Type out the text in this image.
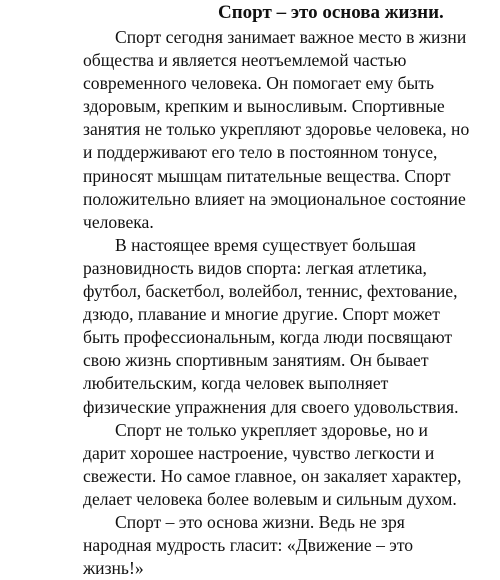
Спорт – это основа жизни.
Спорт сегодня занимает важное место в жизни
общества и является неотъемлемой частью
современного человека. Он помогает ему быть
здоровым, крепким и выносливым. Спортивные
занятия не только укрепляют здоровье человека, но
и поддерживают его тело в постоянном тонусе,
приносят мышцам питательные вещества. Спорт
положительно влияет на эмоциональное состояние
человека.
В настоящее время существует большая
разновидность видов спорта: легкая атлетика,
футбол, баскетбол, волейбол, теннис, фехтование,
дзюдо, плавание и многие другие. Спорт может
быть профессиональным, когда люди посвящают
свою жизнь спортивным занятиям. Он бывает
любительским, когда человек выполняет
физические упражнения для своего удовольствия.
Спорт не только укрепляет здоровье, но и
дарит хорошее настроение, чувство легкости и
свежести. Но самое главное, он закаляет характер,
делает человека более волевым и сильным духом.
Спорт – это основа жизни. Ведь не зря
народная мудрость гласит: «Движение – это
жизнь!»
